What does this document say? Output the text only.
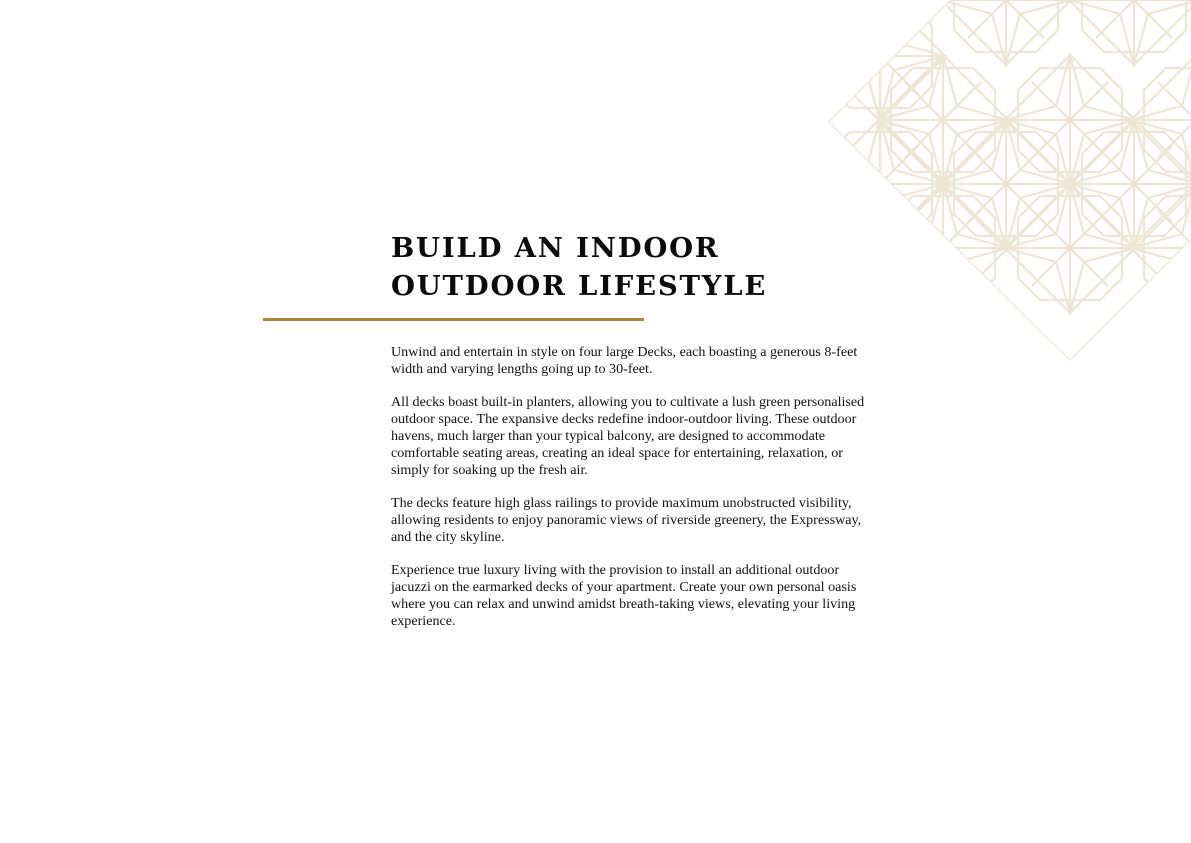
BUILD AN INDOOR
OUTDOOR LIFESTYLE

Unwind and entertain in style on four large Decks, each boasting a generous 8-feet width and varying lengths going up to 30-feet.

All decks boast built-in planters, allowing you to cultivate a lush green personalised outdoor space. The expansive decks redefine indoor-outdoor living. These outdoor havens, much larger than your typical balcony, are designed to accommodate comfortable seating areas, creating an ideal space for entertaining, relaxation, or simply for soaking up the fresh air.

The decks feature high glass railings to provide maximum unobstructed visibility, allowing residents to enjoy panoramic views of riverside greenery, the Expressway, and the city skyline.

Experience true luxury living with the provision to install an additional outdoor jacuzzi on the earmarked decks of your apartment. Create your own personal oasis where you can relax and unwind amidst breath-taking views, elevating your living experience.
